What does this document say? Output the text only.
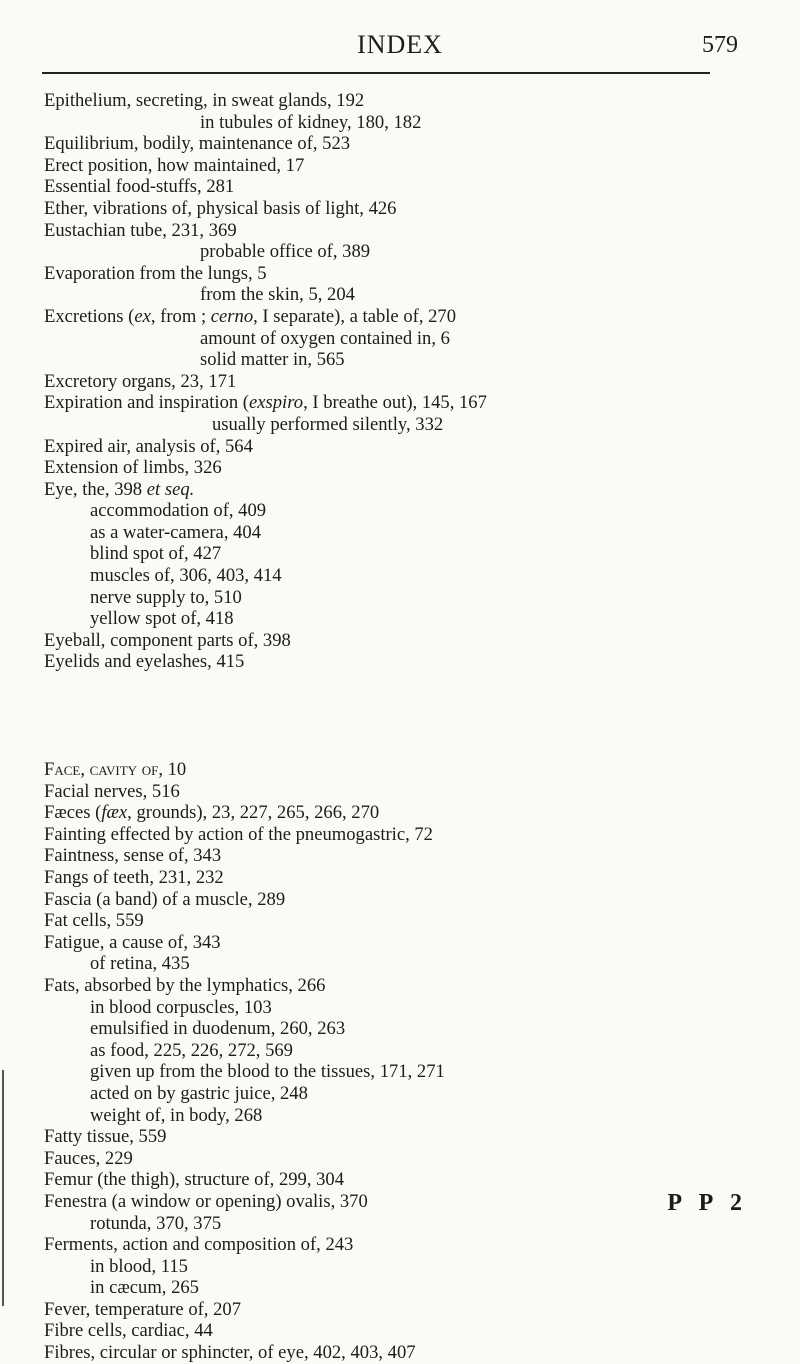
INDEX	579
Epithelium, secreting, in sweat glands, 192
in tubules of kidney, 180, 182
Equilibrium, bodily, maintenance of, 523
Erect position, how maintained, 17
Essential food-stuffs, 281
Ether, vibrations of, physical basis of light, 426
Eustachian tube, 231, 369
probable office of, 389
Evaporation from the lungs, 5
from the skin, 5, 204
Excretions (ex, from ; cerno, I separate), a table of, 270
amount of oxygen contained in, 6
solid matter in, 565
Excretory organs, 23, 171
Expiration and inspiration (exspiro, I breathe out), 145, 167
usually performed silently, 332
Expired air, analysis of, 564
Extension of limbs, 326
Eye, the, 398 et seq.
accommodation of, 409
as a water-camera, 404
blind spot of, 427
muscles of, 306, 403, 414
nerve supply to, 510
yellow spot of, 418
Eyeball, component parts of, 398
Eyelids and eyelashes, 415
Face, cavity of, 10
Facial nerves, 516
Fæces (fæx, grounds), 23, 227, 265, 266, 270
Fainting effected by action of the pneumogastric, 72
Faintness, sense of, 343
Fangs of teeth, 231, 232
Fascia (a band) of a muscle, 289
Fat cells, 559
Fatigue, a cause of, 343
of retina, 435
Fats, absorbed by the lymphatics, 266
in blood corpuscles, 103
emulsified in duodenum, 260, 263
as food, 225, 226, 272, 569
given up from the blood to the tissues, 171, 271
acted on by gastric juice, 248
weight of, in body, 268
Fatty tissue, 559
Fauces, 229
Femur (the thigh), structure of, 299, 304
Fenestra (a window or opening) ovalis, 370
rotunda, 370, 375
Ferments, action and composition of, 243
in blood, 115
in cæcum, 265
Fever, temperature of, 207
Fibre cells, cardiac, 44
Fibres, circular or sphincter, of eye, 402, 403, 407
P P 2
